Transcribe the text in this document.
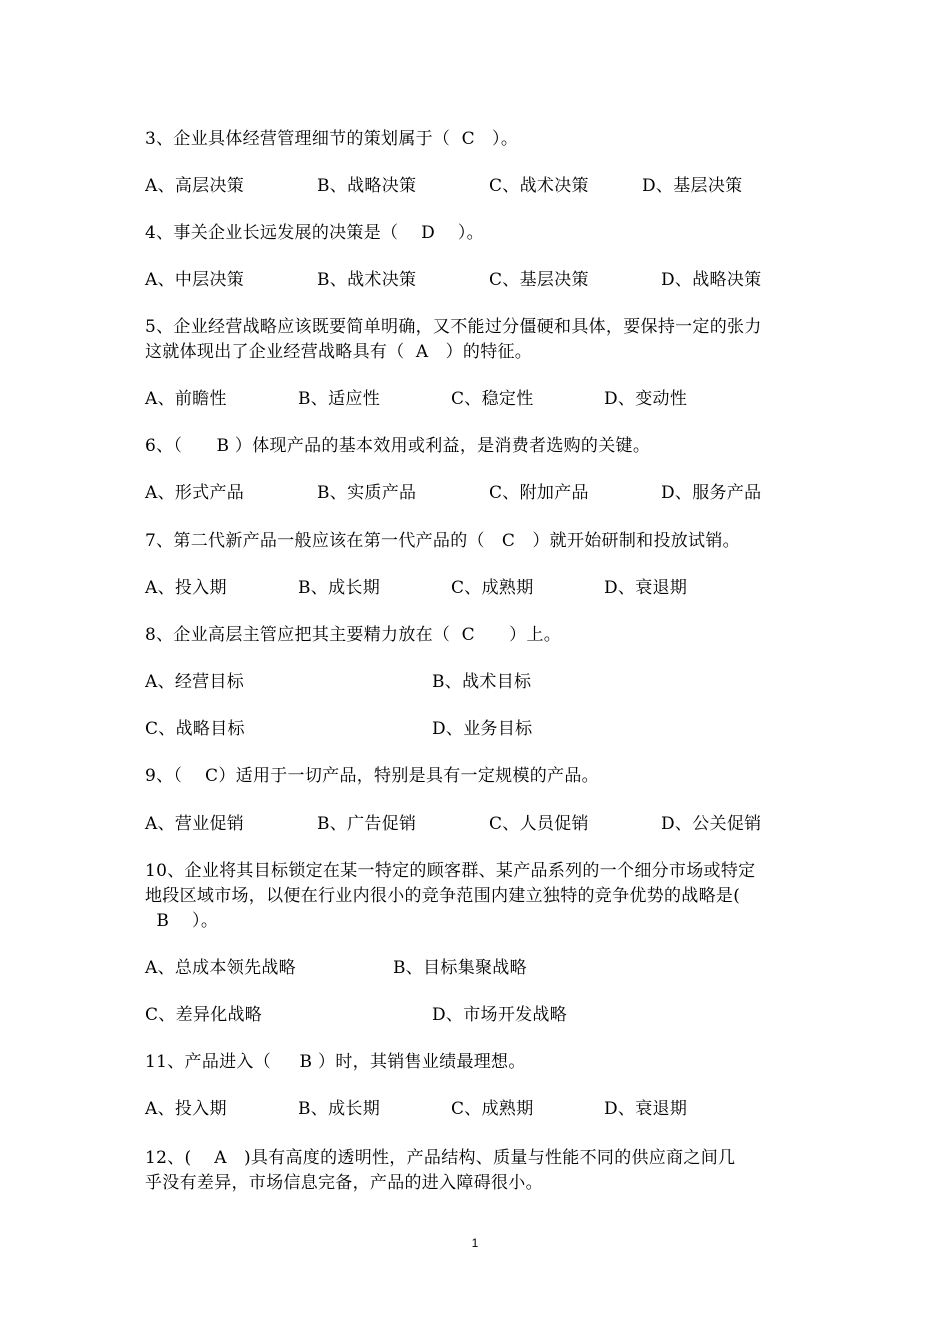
3、企业具体经营管理细节的策划属于（  C   ）。
A、高层决策	B、战略决策	C、战术决策	D、基层决策
4、事关企业长远发展的决策是（    D    ）。
A、中层决策	B、战术决策	C、基层决策	D、战略决策
5、企业经营战略应该既要简单明确，又不能过分僵硬和具体，要保持一定的张力
这就体现出了企业经营战略具有（  A   ）的特征。
A、前瞻性	B、适应性	C、稳定性	D、变动性
6、（      B ）体现产品的基本效用或利益，是消费者选购的关键。
A、形式产品	B、实质产品	C、附加产品	D、服务产品
7、第二代新产品一般应该在第一代产品的（   C   ）就开始研制和投放试销。
A、投入期	B、成长期	C、成熟期	D、衰退期
8、企业高层主管应把其主要精力放在（  C      ）上。
A、经营目标	B、战术目标
C、战略目标	D、业务目标
9、（    C）适用于一切产品，特别是具有一定规模的产品。
A、营业促销	B、广告促销	C、人员促销	D、公关促销
10、企业将其目标锁定在某一特定的顾客群、某产品系列的一个细分市场或特定
地段区域市场，以便在行业内很小的竞争范围内建立独特的竞争优势的战略是(
B    ）。
A、总成本领先战略	B、目标集聚战略
C、差异化战略	D、市场开发战略
11、产品进入（     B ）时，其销售业绩最理想。
A、投入期	B、成长期	C、成熟期	D、衰退期
12、(    A   )具有高度的透明性，产品结构、质量与性能不同的供应商之间几
乎没有差异，市场信息完备，产品的进入障碍很小。
1
